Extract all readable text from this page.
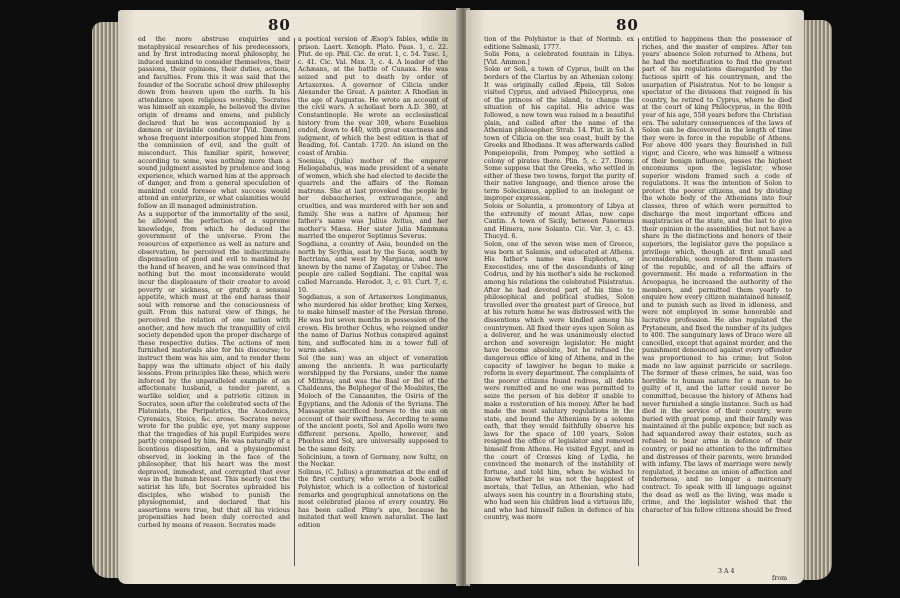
80

ed the more abstruse enquiries and metaphysical researches of his predecessors, and by first introducing moral philosophy, he induced mankind to consider themselves, their passions, their opinions, their duties, actions, and faculties. From this it was said that the founder of the Socratic school drew philosophy down from heaven upon the earth. In his attendance upon religious worship, Socrates was himself an example, he believed the divine origin of dreams and omens, and publicly declared that he was accompanied by a dæmon or invisible conductor [Vid. Dæmon] whose frequent interposition stopped him from the commission of evil, and the guilt of misconduct. This familiar spirit, however, according to some, was nothing more than a sound judgment assisted by prudence and long experience, which warned him at the approach of danger, and from a general speculation of mankind could foresee what success would attend an enterprize, or what calamities would follow an ill managed administration.

As a supporter of the immortality of the soul, he allowed the perfection of a supreme knowledge, from which he deduced the government of the universe. From the resources of experience as well as nature and observation, he perceived the indiscriminate dispensation of good and evil to mankind by the hand of heaven, and he was convinced that nothing but the most inconsiderate would incur the displeasure of their creator to avoid poverty or sickness, or gratify a sensual appetite, which must at the end harass their soul with remorse and the consciousness of guilt. From this natural view of things, he perceived the relation of one nation with another, and how much the tranquillity of civil society depended upon the proper discharge of these respective duties. The actions of men furnished materials also for his discourse; to instruct them was his aim, and to render them happy was the ultimate object of his daily lessons. From principles like these, which were inforced by the unparalleled example of an affectionate husband, a tender parent, a warlike soldier, and a patriotic citizen in Socrates, soon after the celebrated sects of the Platonists, the Peripatetics, the Academics, Cyrenaics, Stoics, &c. arose. Socrates never wrote for the public eye, yet many suppose that the tragedies of his pupil Euripides were partly composed by him. He was naturally of a licentious disposition, and a physiognomist observed, in looking in the face of the philosopher, that his heart was the most depraved, immodest, and corrupted that ever was in the human breast. This nearly cost the satirist his life, but Socrates upbraided his disciples, who wished to punish the physiognomist, and declared that his assertions were true, but that all his vicious propensities had been duly corrected and curbed by means of reason. Socrates made

a poetical version of Æsop's fables, while in prison. Laert. Xenoph. Plato. Paus. 1, c. 22. Plut. de op. Phil. Cic. de orat. 1, c. 54. Tusc. 1, c. 41. Cic. Val. Max. 3, c. 4. A leader of the Achæans, at the battle of Cunaxa. He was seized and put to death by order of Artaxerxes. A governor of Cilicia under Alexander the Great. A painter. A Rhodian in the age of Augustus. He wrote an account of the civil wars. A scholiast born A.D. 380, at Constantinople. He wrote an ecclesiastical history from the year 309, where Eusebius ended, down to 440, with great exactness and judgment, of which the best edition is that of Reading, fol. Cantab. 1720. An island on the coast of Arabia.

Soemias, (Julia) mother of the emperor Heliogabalus, was made president of a senate of women, which she had elected to decide the quarrels and the affairs of the Roman matrons. She at last provoked the people by her debaucheries, extravagance, and cruelties, and was murdered with her son and family. She was a native of Apamea; her father's name was Julius Avitus, and her mother's Mæsa. Her sister Julia Mammæa married the emperor Septimus Severus.

Sogdiana, a country of Asia, bounded on the north by Scythia, east by the Sacæ, south by Bactriana, and west by Margiana, and now known by the name of Zagatay, or Usbec. The people are called Sogdiani. The capital was called Marcanda. Herodot. 3, c. 93. Curt. 7, c. 10.

Sogdianus, a son of Artaxerxes Longimanus, who murdered his elder brother, king Xerxes, to make himself master of the Persian throne. He was but seven months in possession of the crown. His brother Ochus, who reigned under the name of Darius Nothus conspired against him, and suffocated him in a tower full of warm ashes.

Sol (the sun) was an object of veneration among the ancients. It was particularly worshipped by the Persians, under the name of Mithras; and was the Baal or Bel of the Chaldeans, the Belphegor of the Moabites, the Moloch of the Canaanites, the Osiris of the Egyptians, and the Adonis of the Syrians. The Massagetæ sacrificed horses to the sun on account of their swiftness. According to some of the ancient poets, Sol and Apollo were two different persons. Apollo, however, and Phœbus and Sol, are universally supposed to be the same deity.

Solicinium, a town of Germany, now Sultz, on the Neckar.

Solinus, (C. Julius) a grammarian at the end of the first century, who wrote a book called Polyhistor, which is a collection of historical remarks and geographical annotations on the most celebrated places of every country. He has been called Pliny's ape, because he imitated that well known naturalist. The last edition

80

tion of the Polyhistor is that of Norimb. ex editione Salmasii, 1777.

Solis Fons, a celebrated fountain in Libya. [Vid. Ammon.]

Solœ or Soli, a town of Cyprus, built on the borders of the Clarius by an Athenian colony. It was originally called Æpeia, till Solon visited Cyprus, and advised Philocyprus, one of the princes of the island, to change the situation of his capital. His advice was followed, a new town was raised in a beautiful plain, and called after the name of the Athenian philosopher. Strab. 14. Plut. in Sol. A town of Cilicia on the sea coast, built by the Greeks and Rhodians. It was afterwards called Pompeiopolis, from Pompey, who settled a colony of pirates there. Plin. 5, c. 27. Diony. Some suppose that the Greeks, who settled in either of these two towns, forgot the purity of their native language, and thence arose the term Solecismus, applied to an inelegant or improper expression.

Solois or Soluntia, a promontory of Libya at the extremity of mount Atlas, now cape Cantin. A town of Sicily, between Panormus and Himera, now Solanto. Cic. Ver. 3, c. 43. Thucyd. 6.

Solon, one of the seven wise men of Greece, was born at Salamis, and educated at Athens. His father's name was Euphorion, or Execestides, one of the descendants of king Codrus, and by his mother's side he reckoned among his relations the celebrated Pisistratus. After he had devoted part of his time to philosophical and political studies, Solon travelled over the greatest part of Greece, but at his return home he was distressed with the dissentions which were kindled among his countrymen. All fixed their eyes upon Solon as a deliverer, and he was unanimously elected archon and sovereign legislator. He might have become absolute, but he refused the dangerous office of king of Athens, and in the capacity of lawgiver he began to make a reform in every department. The complaints of the poorer citizens found redress, all debts were remitted and no one was permitted to seize the person of his debtor if unable to make a restoration of his money. After he had made the most salutary regulations in the state, and bound the Athenians by a solemn oath, that they would faithfully observe his laws for the space of 100 years, Solon resigned the office of legislator and removed himself from Athens. He visited Egypt, and in the court of Crœsus king of Lydia, he convinced the monarch of the instability of fortune, and told him, when he wished to know whether he was not the happiest of mortals, that Tellus, an Athenian, who had always seen his country in a flourishing state, who had seen his children lead a virtuous life, and who had himself fallen in defence of his country, was more

entitled to happiness than the possessor of riches, and the master of empires. After ten years' absence Solon returned to Athens, but he had the mortification to find the greatest part of his regulations disregarded by the factious spirit of his countrymen, and the usurpation of Pisistratus. Not to be longer a spectator of the divisions that reigned in his country, he retired to Cyprus, where he died at the court of king Philocyprus, in the 80th year of his age, 558 years before the Christian era. The salutary consequences of the laws of Solon can be discovered in the length of time they were in force in the republic of Athens. For above 400 years they flourished in full vigor, and Cicero, who was himself a witness of their benign influence, passes the highest encomiums upon the legislator, whose superior wisdom framed such a code of regulations. It was the intention of Solon to protect the poorer citizens, and by dividing the whole body of the Athenians into four classes, three of which were permitted to discharge the most important offices and magistracies of the state, and the last to give their opinion in the assemblies, but not have a share in the distinctions and honors of their superiors, the legislator gave the populace a privilege which, though at first small and inconsiderable, soon rendered them masters of the republic, and of all the affairs of government. He made a reformation in the Areopagus, he increased the authority of the members, and permitted them yearly to enquire how every citizen maintained himself, and to punish such as lived in idleness, and were not employed in some honorable and lucrative profession. He also regulated the Prytaneum, and fixed the number of its judges to 400. The sanguinary laws of Draco were all cancelled, except that against murder, and the punishment denounced against every offender was proportioned to his crime; but Solon made no law against parricide or sacrilege. The former of these crimes, he said, was too horrible to human nature for a man to be guilty of it, and the latter could never be committed, because the history of Athens had never furnished a single instance. Such as had died in the service of their country, were buried with great pomp, and their family was maintained at the public expence; but such as had squandered away their estates, such as refused to bear arms in defence of their country, or paid no attention to the infirmities and distresses of their parents, were branded with infamy. The laws of marriage were newly regulated, it became an union of affection and tenderness, and no longer a mercenary contract. To speak with ill language against the dead as well as the living, was made a crime, and the legislator wished that the character of his fellow citizens should be freed

3 A 4
from
